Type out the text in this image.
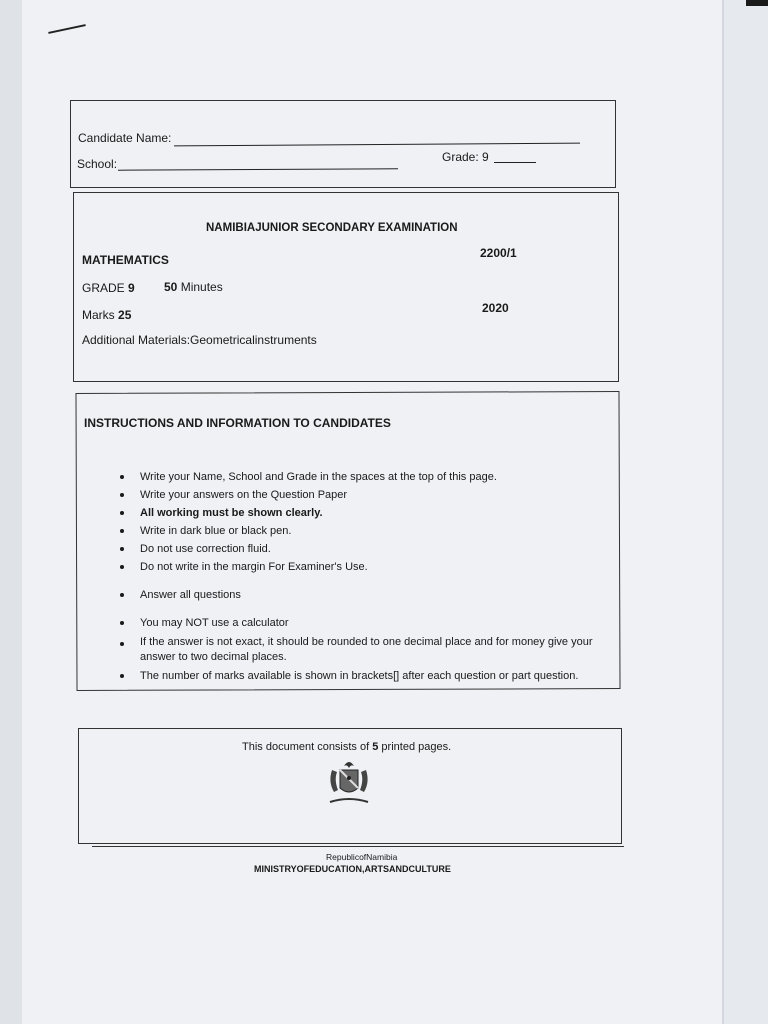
Candidate Name:
School:	Grade: 9
NAMIBIAJUNIOR SECONDARY EXAMINATION
MATHEMATICS	2200/1
GRADE 9 50 Minutes
Marks 25	2020
Additional Materials:Geometricalinstruments
INSTRUCTIONS AND INFORMATION TO CANDIDATES
Write your Name, School and Grade in the spaces at the top of this page.
Write your answers on the Question Paper
All working must be shown clearly.
Write in dark blue or black pen.
Do not use correction fluid.
Do not write in the margin For Examiner's Use.
Answer all questions
You may NOT use a calculator
If the answer is not exact, it should be rounded to one decimal place and for money give your answer to two decimal places.
The number of marks available is shown in brackets[] after each question or part question.
This document consists of 5 printed pages.
RepublicofNamibia
MINISTRYOFEDUCATION,ARTSANDCULTURE
